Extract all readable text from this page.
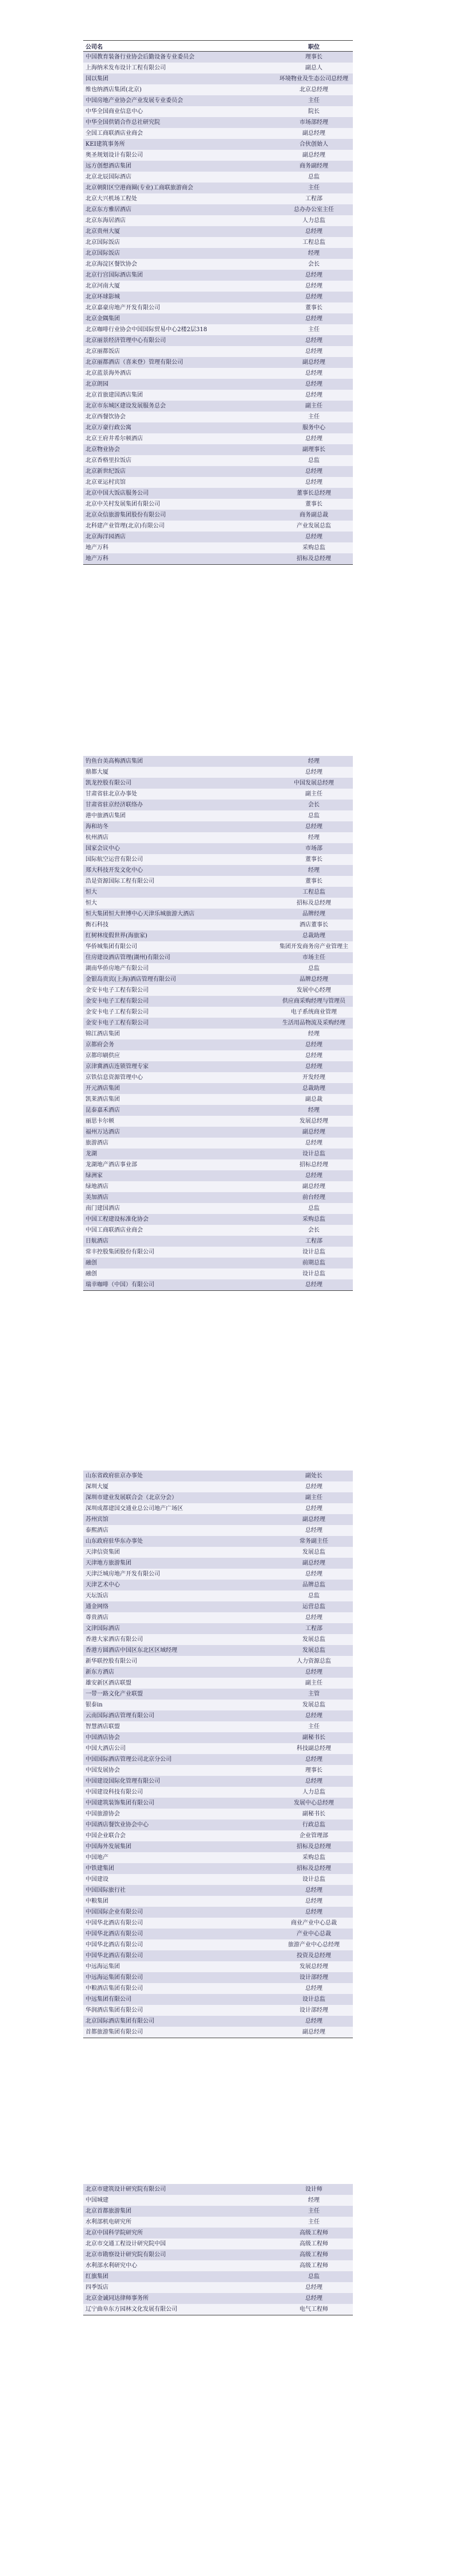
公司名	职位
中国教育装备行业协会后勤设备专业委员会	理事长
上海纳米发布设计工程有限公司	副总人
国以集团	环境物业及生态公司总经理
维也纳酒店集团(北京)	北京总经理
中国房地产业协会产业发展专业委员会	主任
中华全国商业信息中心	院长
中华全国供销合作总社研究院	市场部经理
全国工商联酒店业商会	副总经理
KEI建筑事务所	合伙创始人
奥圣规划设计有限公司	副总经理
远方创想酒店集团	商务副经理
北京北辰国际酒店	总监
北京朝阳区空港商圈(专业)工商联旅游商会	主任
北京大兴机场工程处	工程部
北京东方雅居酒店	总办办公室主任
北京东海居酒店	人力总监
北京贵州大厦	总经理
北京国际饭店	工程总监
北京国际饭店	经理
北京海淀区餐饮协会	会长
北京行宫国际酒店集团	总经理
北京河南大厦	总经理
北京环球影城	总经理
北京嘉豪房地产开发有限公司	董事长
北京金隅集团	总经理
北京咖啡行业协会中国国际贸易中心2楼2层318	主任
北京丽景经济管理中心有限公司	总经理
北京丽都饭店	总经理
北京丽都酒店（喜来登）管理有限公司	副总经理
北京蓝景海外酒店	总经理
北京朗园	总经理
北京首旅建国酒店集团	总经理
北京市东城区建设发展服务总会	副主任
北京西餐饮协会	主任
北京万豪行政公寓	服务中心
北京王府井希尔顿酒店	总经理
北京物业协会	副理事长
北京香格里拉饭店	总监
北京新世纪饭店	总经理
北京亚运村宾馆	总经理
北京中国大饭店服务公司	董事长总经理
北京中关村发展集团有限公司	董事长
北京众信旅游集团股份有限公司	商务副总裁
北科建产业管理(北京)有限公司	产业发展总监
北京海洋园酒店	总经理
地产万科	采购总监
地产万科	招标及总经理
钓鱼台美高梅酒店集团	经理
鼎都大厦	总经理
凯龙控股有限公司	中国发展总经理
甘肃省驻北京办事处	副主任
甘肃省驻京经济联络办	会长
港中旅酒店集团	总监
海和坊冬	总经理
杭州酒店	经理
国家会议中心	市场部
国际航空运营有限公司	董事长
郑大科技开发文化中心	经理
浩是资源国际工程有限公司	董事长
恒大	工程总监
恒大	招标及总经理
恒大集团恒大世博中心天津乐城旅游大酒店	品牌经理
衡石科技	酒店董事长
红树林度假世界(海旅家)	总裁助理
华侨城集团有限公司	集团开发商务房产业管理主
住房建设酒店管理(湖州)有限公司	市场主任
湖南华侨房地产有限公司	总监
金银岛贵宾(上海)酒店管理有限公司	品牌总经理
金安卡电子工程有限公司	发展中心经理
金安卡电子工程有限公司	供应商采购经理与管理员
金安卡电子工程有限公司	电子系统商业管理
金安卡电子工程有限公司	生活用品物流及采购经理
锦江酒店集团	经理
京都府会务	总经理
京都印刷供应	总经理
京津冀酒店连锁管理专家	总经理
京铁信息资源管理中心	开发经理
开元酒店集团	总裁助理
凯莱酒店集团	副总裁
昆泰嘉禾酒店	经理
丽思卡尔顿	发展总经理
福州万达酒店	副总经理
旅游酒店	总经理
龙湖	设计总监
龙湖地产酒店事业部	招标总经理
绿洲家	总经理
绿地酒店	副总经理
美加酒店	前台经理
南门建国酒店	总监
中国工程建设标准化协会	采购总监
中国工商联酒店业商会	会长
日航酒店	工程部
常丰控股集团股份有限公司	设计总监
融创	前期总监
融创	设计总监
瑞幸咖啡（中国）有限公司	总经理
山东省政府驻京办事处	副处长
深圳大厦	总经理
深圳市建业发展联合会（北京分会）	副主任
深圳成都建国交通业总公司地产广场区	总经理
苏州宾馆	副总经理
泰熙酒店	总经理
山东政府驻华东办事处	常务副主任
天津信资集团	发展总监
天津地方旅游集团	副总经理
天津泛城房地产开发有限公司	总经理
天津艺术中心	品牌总监
天坛饭店	总监
通金网络	运营总监
尊贵酒店	总经理
文津国际酒店	工程部
香港大家酒店有限公司	发展总监
香港方圆酒店中国区东北区区域经理	发展总监
新华联控股有限公司	人力资源总监
新东方酒店	总经理
雄安新区酒店联盟	副主任
一带一路文化产业联盟	主管
银泰in	发展总监
云南国际酒店管理有限公司	总经理
智慧酒店联盟	主任
中国酒店协会	副秘书长
中国大酒店公司	科技副总经理
中国国际酒店管理公司北京分公司	总经理
中国发展协会	理事长
中国建设国际化管理有限公司	总经理
中国建设科技有限公司	人力总监
中国建筑装饰集团有限公司	发展中心总经理
中国旅游协会	副秘书长
中国酒店餐饮业协会中心	行政总监
中国企业联合会	企业管理部
中国海外发展集团	招标及总经理
中国地产	采购总监
中铁建集团	招标及总经理
中国建设	设计总监
中国国际旅行社	总经理
中粮集团	总经理
中国国际企业有限公司	总经理
中国华北酒店有限公司	商业产业中心总裁
中国华北酒店有限公司	产业中心总裁
中国华北酒店有限公司	旅游产业中心总经理
中国华北酒店有限公司	投资及总经理
中远海运集团	发展总经理
中远海运集团有限公司	设计部经理
中粮酒店集团有限公司	总经理
中远集团有限公司	设计总监
华润酒店集团有限公司	设计部经理
北京国际酒店集团有限公司	总经理
首都旅游集团有限公司	副总经理
北京市建筑设计研究院有限公司	设计师
中国城建	经理
北京首都旅游集团	主任
水利部机电研究所	主任
北京中国科学院研究所	高级工程师
北京市交通工程设计研究院中国	高级工程师
北京市勘察设计研究院有限公司	高级工程师
水利部水利研究中心	高级工程师
红旗集团	总监
四季饭店	总经理
北京金诚同达律师事务所	总经理
辽宁曲阜东方园林文化发展有限公司	电气工程师
